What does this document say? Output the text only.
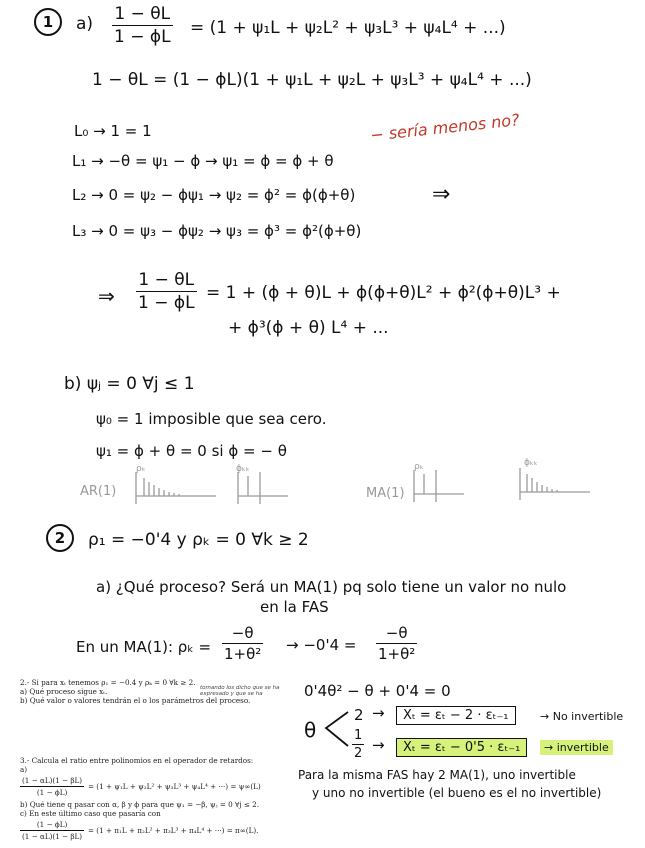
1	a) 1 − θL
1 − ϕL = (1 + ψ₁L + ψ₂L² + ψ₃L³ + ψ₄L⁴ + ...)
1 − θL = (1 − ϕL)(1 + ψ₁L + ψ₂L + ψ₃L³ + ψ₄L⁴ + ...)
L₀ → 1 = 1	− sería menos no?
L₁ → −θ = ψ₁ − ϕ → ψ₁ = ϕ = ϕ + θ
L₂ → 0 = ψ₂ − ϕψ₁ → ψ₂ = ϕ² = ϕ(ϕ+θ)	⇒
L₃ → 0 = ψ₃ − ϕψ₂ → ψ₃ = ϕ³ = ϕ²(ϕ+θ)
⇒
1 − θL
1 − ϕL = 1 + (ϕ + θ)L + ϕ(ϕ+θ)L² + ϕ²(ϕ+θ)L³ +
+ ϕ³(ϕ + θ) L⁴ + ...
b) ψⱼ = 0 ∀j ≤ 1
ψ₀ = 1 imposible que sea cero.
ψ₁ = ϕ + θ = 0 si ϕ = − θ
AR(1)
ρₖ	ϕₖₖ
MA(1)
ρₖ	ϕₖₖ
2	ρ₁ = −0'4 y ρₖ = 0 ∀k ≥ 2
a) ¿Qué proceso? Será un MA(1) pq solo tiene un valor no nulo
en la FAS
En un MA(1): ρₖ =
−θ
1+θ² → −0'4 =
−θ
1+θ²
0'4θ² − θ + 0'4 = 0
θ
2
1
2
→	Xₜ = εₜ − 2 · εₜ₋₁	→ No invertible
→	Xₜ = εₜ − 0'5 · εₜ₋₁	→ invertible
Para la misma FAS hay 2 MA(1), uno invertible
y uno no invertible (el bueno es el no invertible)
2.- Si para xₜ tenemos ρ₁ = −0.4 y ρₖ = 0 ∀k ≥ 2.
a) Qué proceso sigue xₜ.	tomando los dicho que se ha expresado y que se ha
b) Qué valor o valores tendrán el o los parámetros del proceso.
3.- Calcula el ratio entre polinomios en el operador de retardos:
a)
(1 − αL)(1 − βL)
(1 − ϕL)
= (1 + ψ₁L + ψ₂L² + ψ₃L³ + ψ₄L⁴ + ···) = ψ∞(L)
b) Qué tiene q pasar con α, β y ϕ para que ψ₁ = −β, ψⱼ = 0 ∀j ≤ 2.
c) En este último caso que pasaría con
(1 − ϕL)
(1 − αL)(1 − βL)
= (1 + π₁L + π₂L² + π₃L³ + π₄L⁴ + ···) = π∞(L).
